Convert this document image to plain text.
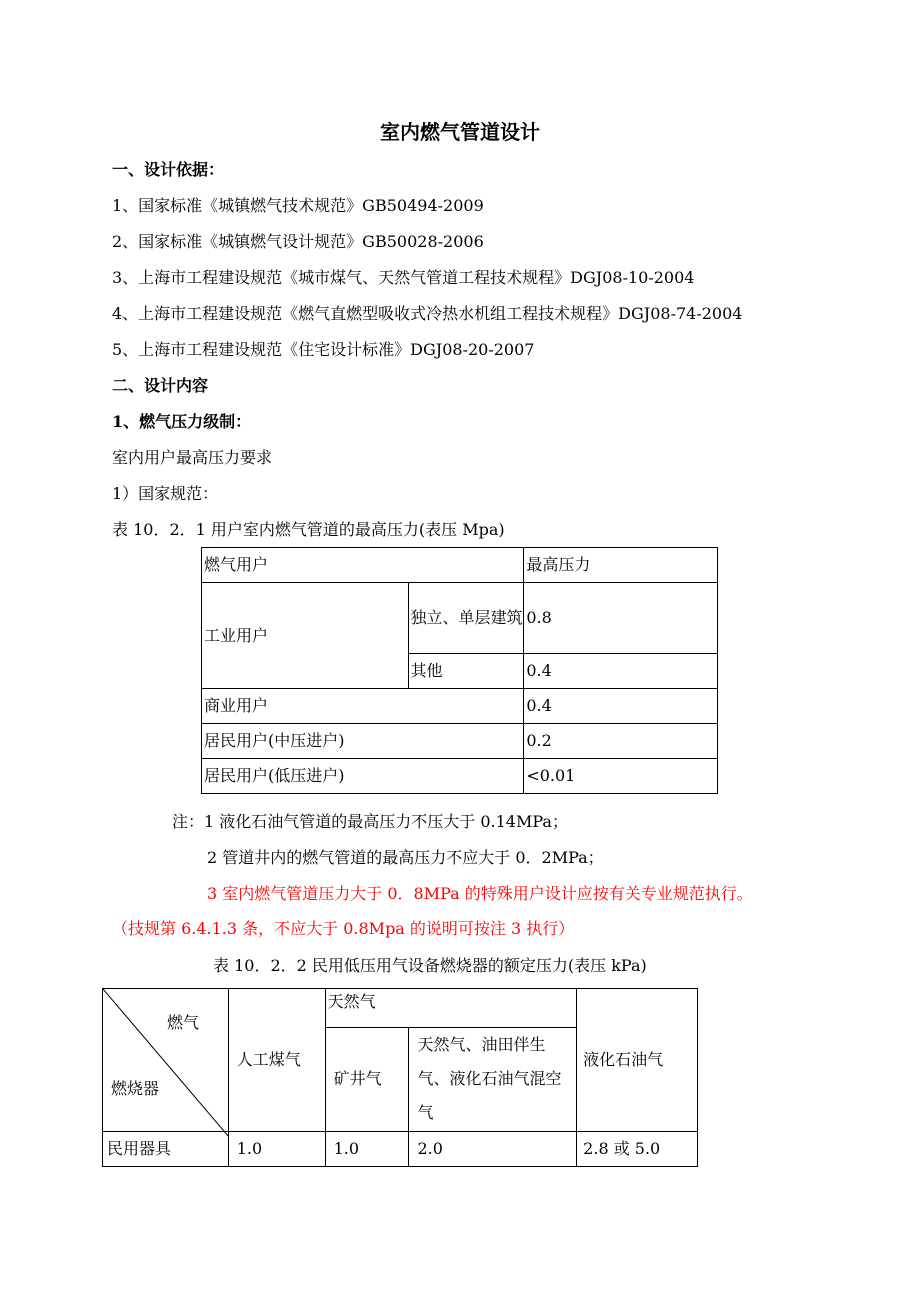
室内燃气管道设计
一、设计依据：
1、国家标准《城镇燃气技术规范》GB50494-2009
2、国家标准《城镇燃气设计规范》GB50028-2006
3、上海市工程建设规范《城市煤气、天然气管道工程技术规程》DGJ08-10-2004
4、上海市工程建设规范《燃气直燃型吸收式冷热水机组工程技术规程》DGJ08-74-2004
5、上海市工程建设规范《住宅设计标准》DGJ08-20-2007
二、设计内容
1、燃气压力级制：
室内用户最高压力要求
1）国家规范：
表 10．2．1 用户室内燃气管道的最高压力(表压 Mpa)
燃气用户		最高压力
工业用户	独立、单层建筑	0.8
	其他	0.4
商业用户		0.4
居民用户(中压进户)		0.2
居民用户(低压进户)		<0.01
注：1 液化石油气管道的最高压力不压大于 0.14MPa；
2 管道井内的燃气管道的最高压力不应大于 0．2MPa；
3 室内燃气管道压力大于 0．8MPa 的特殊用户设计应按有关专业规范执行。
（技规第 6.4.1.3 条，不应大于 0.8Mpa 的说明可按注 3 执行）
表 10．2．2 民用低压用气设备燃烧器的额定压力(表压 kPa)
燃气
燃烧器	人工煤气	天然气		液化石油气
		矿井气	天然气、油田伴生气、液化石油气混空气	
民用器具	1.0	1.0	2.0	2.8 或 5.0
